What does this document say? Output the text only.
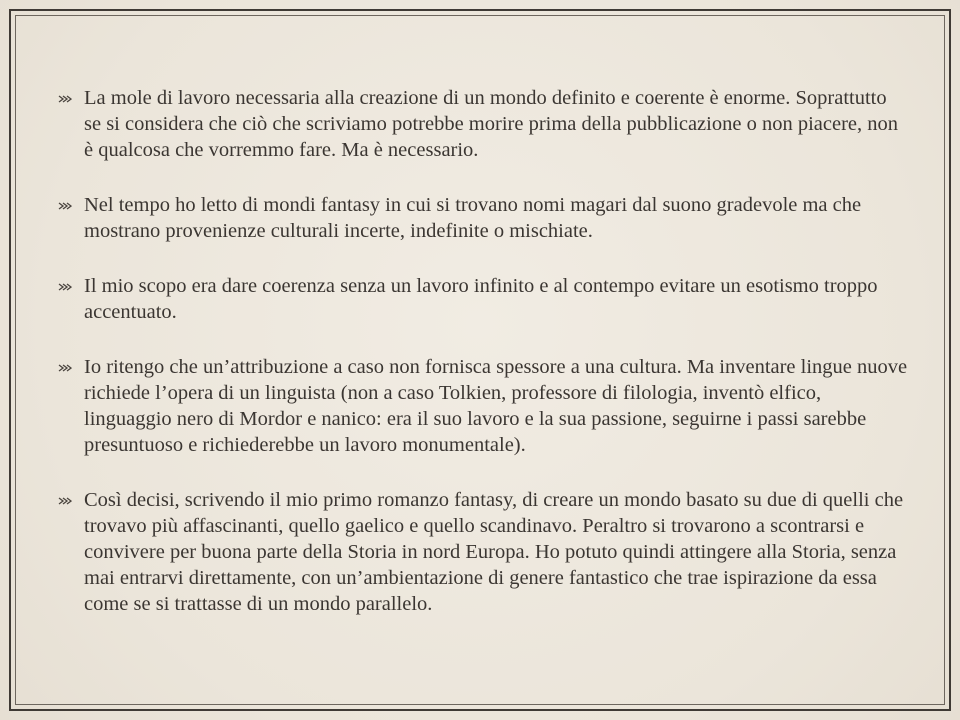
La mole di lavoro necessaria alla creazione di un mondo definito e coerente è enorme. Soprattutto se si considera che ciò che scriviamo potrebbe morire prima della pubblicazione o non piacere, non è qualcosa che vorremmo fare. Ma è necessario.
Nel tempo ho letto di mondi fantasy in cui si trovano nomi magari dal suono gradevole ma che mostrano provenienze culturali incerte, indefinite o mischiate.
Il mio scopo era dare coerenza senza un lavoro infinito e al contempo evitare un esotismo troppo accentuato.
Io ritengo che un’attribuzione a caso non fornisca spessore a una cultura. Ma inventare lingue nuove richiede l’opera di un linguista (non a caso Tolkien, professore di filologia, inventò elfico, linguaggio nero di Mordor e nanico: era il suo lavoro e la sua passione, seguirne i passi sarebbe presuntuoso e richiederebbe un lavoro monumentale).
Così decisi, scrivendo il mio primo romanzo fantasy, di creare un mondo basato su due di quelli che trovavo più affascinanti, quello gaelico e quello scandinavo. Peraltro si trovarono a scontrarsi e convivere per buona parte della Storia in nord Europa. Ho potuto quindi attingere alla Storia, senza mai entrarvi direttamente, con un’ambientazione di genere fantastico che trae ispirazione da essa come se si trattasse di un mondo parallelo.
